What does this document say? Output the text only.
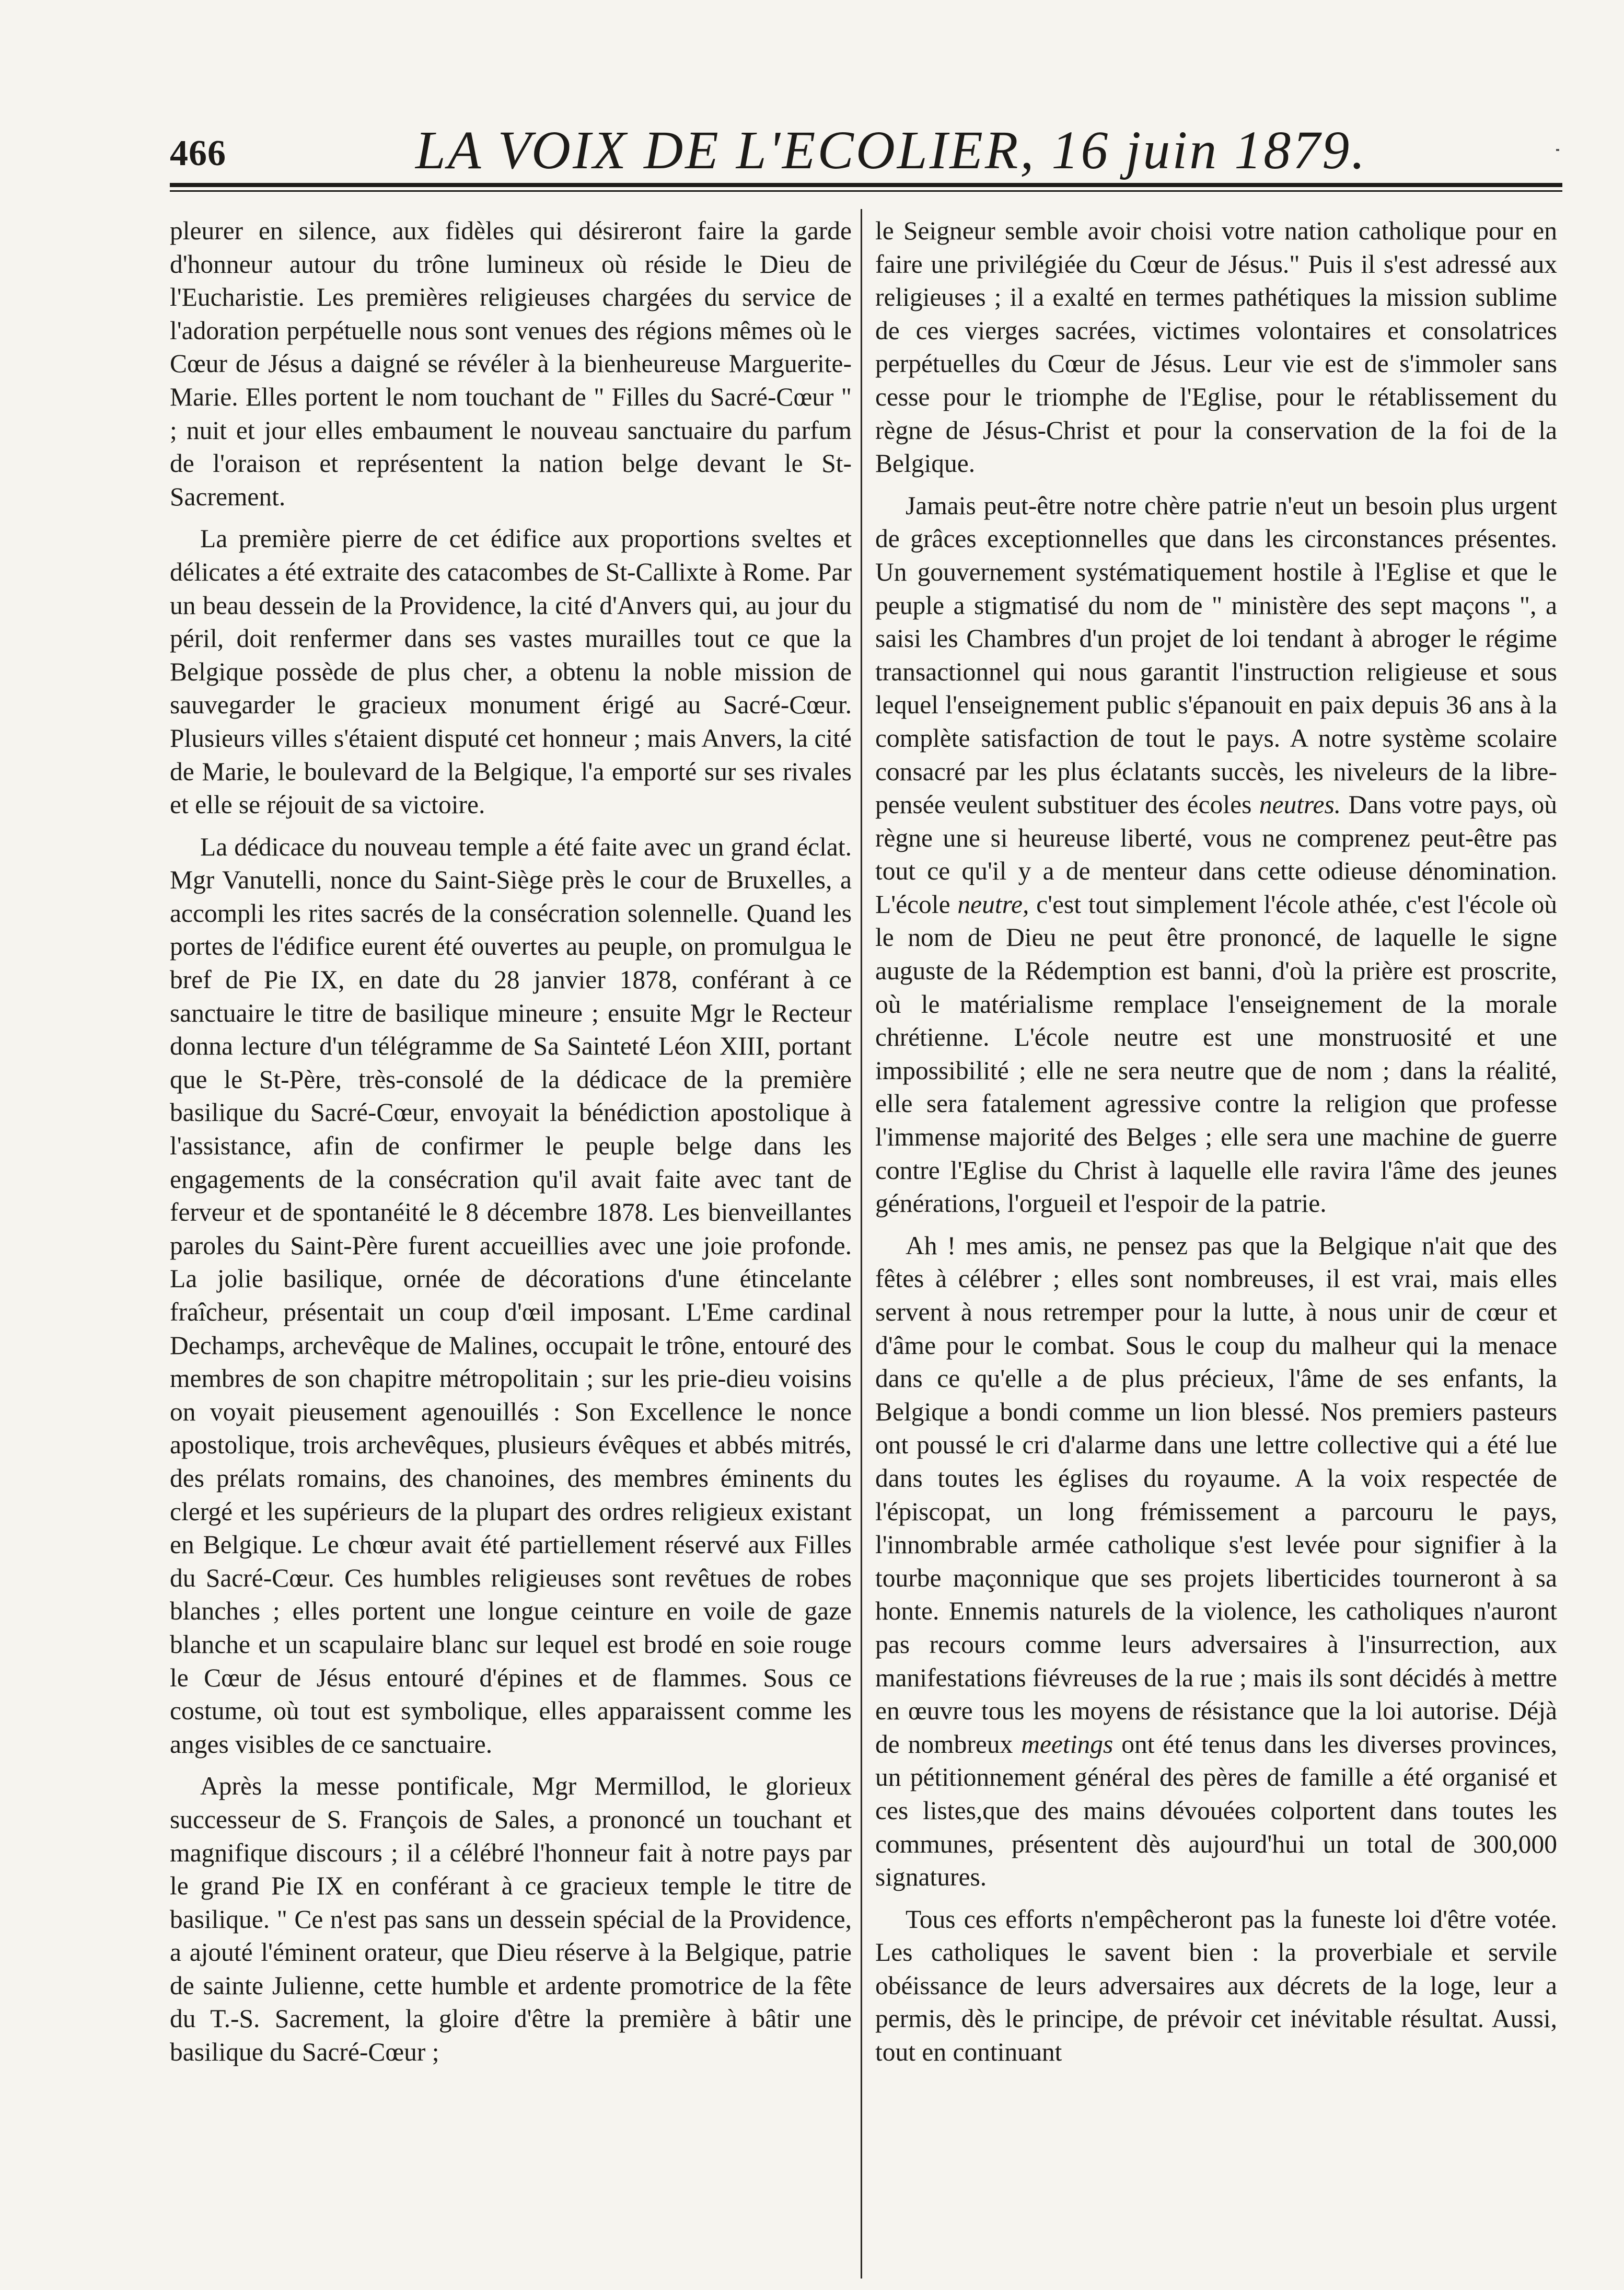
466	LA VOIX DE L'ECOLIER, 16 juin 1879.

pleurer en silence, aux fidèles qui désireront faire la garde d'honneur autour du trône lumineux où réside le Dieu de l'Eucharistie. Les premières religieuses chargées du service de l'adoration perpétuelle nous sont venues des régions mêmes où le Cœur de Jésus a daigné se révéler à la bienheureuse Marguerite-Marie. Elles portent le nom touchant de " Filles du Sacré-Cœur " ; nuit et jour elles embaument le nouveau sanctuaire du parfum de l'oraison et représentent la nation belge devant le St-Sacrement.

La première pierre de cet édifice aux proportions sveltes et délicates a été extraite des catacombes de St-Callixte à Rome. Par un beau dessein de la Providence, la cité d'Anvers qui, au jour du péril, doit renfermer dans ses vastes murailles tout ce que la Belgique possède de plus cher, a obtenu la noble mission de sauvegarder le gracieux monument érigé au Sacré-Cœur. Plusieurs villes s'étaient disputé cet honneur ; mais Anvers, la cité de Marie, le boulevard de la Belgique, l'a emporté sur ses rivales et elle se réjouit de sa victoire.

La dédicace du nouveau temple a été faite avec un grand éclat. Mgr Vanutelli, nonce du Saint-Siège près le cour de Bruxelles, a accompli les rites sacrés de la consécration solennelle. Quand les portes de l'édifice eurent été ouvertes au peuple, on promulgua le bref de Pie IX, en date du 28 janvier 1878, conférant à ce sanctuaire le titre de basilique mineure ; ensuite Mgr le Recteur donna lecture d'un télégramme de Sa Sainteté Léon XIII, portant que le St-Père, très-consolé de la dédicace de la première basilique du Sacré-Cœur, envoyait la bénédiction apostolique à l'assistance, afin de confirmer le peuple belge dans les engagements de la consécration qu'il avait faite avec tant de ferveur et de spontanéité le 8 décembre 1878. Les bienveillantes paroles du Saint-Père furent accueillies avec une joie profonde. La jolie basilique, ornée de décorations d'une étincelante fraîcheur, présentait un coup d'œil imposant. L'Eme cardinal Dechamps, archevêque de Malines, occupait le trône, entouré des membres de son chapitre métropolitain ; sur les prie-dieu voisins on voyait pieusement agenouillés : Son Excellence le nonce apostolique, trois archevêques, plusieurs évêques et abbés mitrés, des prélats romains, des chanoines, des membres éminents du clergé et les supérieurs de la plupart des ordres religieux existant en Belgique. Le chœur avait été partiellement réservé aux Filles du Sacré-Cœur. Ces humbles religieuses sont revêtues de robes blanches ; elles portent une longue ceinture en voile de gaze blanche et un scapulaire blanc sur lequel est brodé en soie rouge le Cœur de Jésus entouré d'épines et de flammes. Sous ce costume, où tout est symbolique, elles apparaissent comme les anges visibles de ce sanctuaire.

Après la messe pontificale, Mgr Mermillod, le glorieux successeur de S. François de Sales, a prononcé un touchant et magnifique discours ; il a célébré l'honneur fait à notre pays par le grand Pie IX en conférant à ce gracieux temple le titre de basilique. " Ce n'est pas sans un dessein spécial de la Providence, a ajouté l'éminent orateur, que Dieu réserve à la Belgique, patrie de sainte Julienne, cette humble et ardente promotrice de la fête du T.-S. Sacrement, la gloire d'être la première à bâtir une basilique du Sacré-Cœur ;

le Seigneur semble avoir choisi votre nation catholique pour en faire une privilégiée du Cœur de Jésus." Puis il s'est adressé aux religieuses ; il a exalté en termes pathétiques la mission sublime de ces vierges sacrées, victimes volontaires et consolatrices perpétuelles du Cœur de Jésus. Leur vie est de s'immoler sans cesse pour le triomphe de l'Eglise, pour le rétablissement du règne de Jésus-Christ et pour la conservation de la foi de la Belgique.

Jamais peut-être notre chère patrie n'eut un besoin plus urgent de grâces exceptionnelles que dans les circonstances présentes. Un gouvernement systématiquement hostile à l'Eglise et que le peuple a stigmatisé du nom de " ministère des sept maçons ", a saisi les Chambres d'un projet de loi tendant à abroger le régime transactionnel qui nous garantit l'instruction religieuse et sous lequel l'enseignement public s'épanouit en paix depuis 36 ans à la complète satisfaction de tout le pays. A notre système scolaire consacré par les plus éclatants succès, les niveleurs de la libre-pensée veulent substituer des écoles neutres. Dans votre pays, où règne une si heureuse liberté, vous ne comprenez peut-être pas tout ce qu'il y a de menteur dans cette odieuse dénomination. L'école neutre, c'est tout simplement l'école athée, c'est l'école où le nom de Dieu ne peut être prononcé, de laquelle le signe auguste de la Rédemption est banni, d'où la prière est proscrite, où le matérialisme remplace l'enseignement de la morale chrétienne. L'école neutre est une monstruosité et une impossibilité ; elle ne sera neutre que de nom ; dans la réalité, elle sera fatalement agressive contre la religion que professe l'immense majorité des Belges ; elle sera une machine de guerre contre l'Eglise du Christ à laquelle elle ravira l'âme des jeunes générations, l'orgueil et l'espoir de la patrie.

Ah ! mes amis, ne pensez pas que la Belgique n'ait que des fêtes à célébrer ; elles sont nombreuses, il est vrai, mais elles servent à nous retremper pour la lutte, à nous unir de cœur et d'âme pour le combat. Sous le coup du malheur qui la menace dans ce qu'elle a de plus précieux, l'âme de ses enfants, la Belgique a bondi comme un lion blessé. Nos premiers pasteurs ont poussé le cri d'alarme dans une lettre collective qui a été lue dans toutes les églises du royaume. A la voix respectée de l'épiscopat, un long frémissement a parcouru le pays, l'innombrable armée catholique s'est levée pour signifier à la tourbe maçonnique que ses projets liberticides tourneront à sa honte. Ennemis naturels de la violence, les catholiques n'auront pas recours comme leurs adversaires à l'insurrection, aux manifestations fiévreuses de la rue ; mais ils sont décidés à mettre en œuvre tous les moyens de résistance que la loi autorise. Déjà de nombreux meetings ont été tenus dans les diverses provinces, un pétitionnement général des pères de famille a été organisé et ces listes,que des mains dévouées colportent dans toutes les communes, présentent dès aujourd'hui un total de 300,000 signatures.

Tous ces efforts n'empêcheront pas la funeste loi d'être votée. Les catholiques le savent bien : la proverbiale et servile obéissance de leurs adversaires aux décrets de la loge, leur a permis, dès le principe, de prévoir cet inévitable résultat. Aussi, tout en continuant
